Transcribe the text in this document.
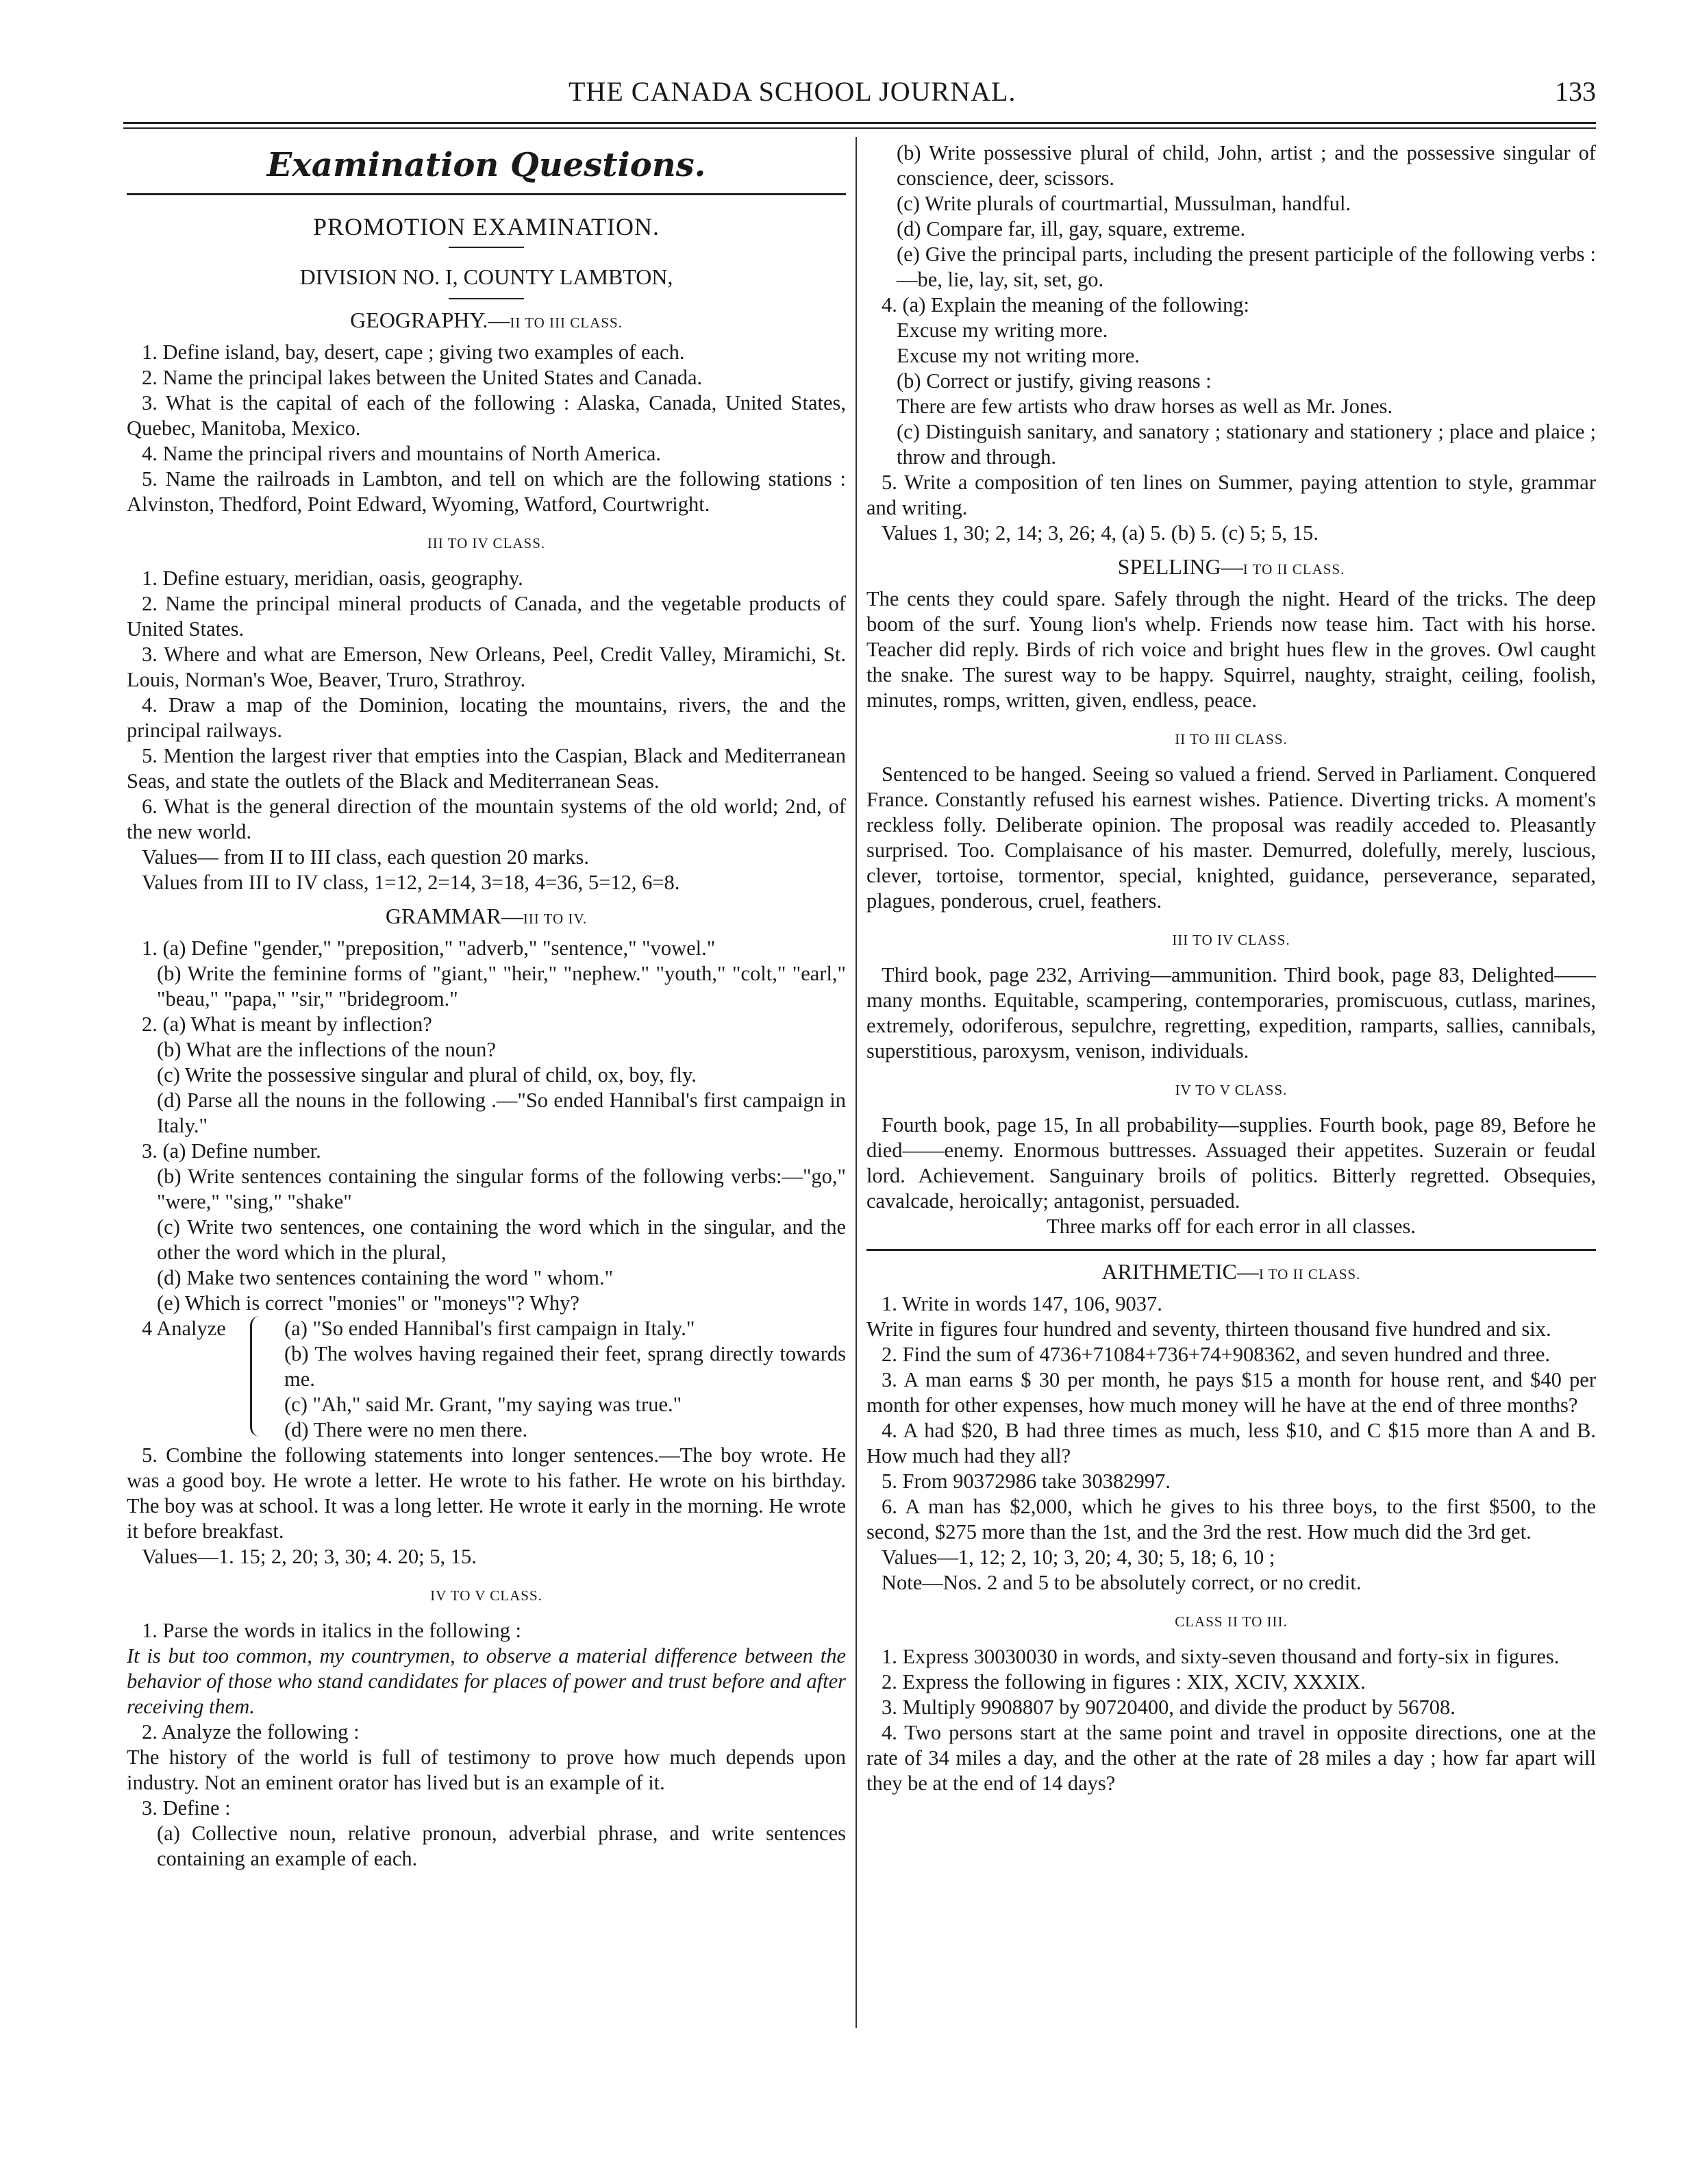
THE CANADA SCHOOL JOURNAL.	133
Examination Questions.
PROMOTION EXAMINATION.
DIVISION NO. I, COUNTY LAMBTON,
GEOGRAPHY.—II TO III CLASS.

1. Define island, bay, desert, cape ; giving two examples of each.

2. Name the principal lakes between the United States and Canada.

3. What is the capital of each of the following : Alaska, Canada, United States, Quebec, Manitoba, Mexico.

4. Name the principal rivers and mountains of North America.

5. Name the railroads in Lambton, and tell on which are the following stations : Alvinston, Thedford, Point Edward, Wyoming, Watford, Courtwright.

III TO IV CLASS.

1. Define estuary, meridian, oasis, geography.

2. Name the principal mineral products of Canada, and the vegetable products of United States.

3. Where and what are Emerson, New Orleans, Peel, Credit Valley, Miramichi, St. Louis, Norman's Woe, Beaver, Truro, Strathroy.

4. Draw a map of the Dominion, locating the mountains, rivers, the and the principal railways.

5. Mention the largest river that empties into the Caspian, Black and Mediterranean Seas, and state the outlets of the Black and Mediterranean Seas.

6. What is the general direction of the mountain systems of the old world; 2nd, of the new world.

Values— from II to III class, each question 20 marks.

Values from III to IV class, 1=12, 2=14, 3=18, 4=36, 5=12, 6=8.

GRAMMAR—III TO IV.

1. (a) Define "gender," "preposition," "adverb," "sentence," "vowel."

(b) Write the feminine forms of "giant," "heir," "nephew." "youth," "colt," "earl," "beau," "papa," "sir," "bridegroom."

2. (a) What is meant by inflection?

(b) What are the inflections of the noun?

(c) Write the possessive singular and plural of child, ox, boy, fly.

(d) Parse all the nouns in the following .—"So ended Hannibal's first campaign in Italy."

3. (a) Define number.

(b) Write sentences containing the singular forms of the following verbs:—"go," "were," "sing," "shake"

(c) Write two sentences, one containing the word which in the singular, and the other the word which in the plural,

(d) Make two sentences containing the word " whom."

(e) Which is correct "monies" or "moneys"? Why?

4 Analyze	(a) "So ended Hannibal's first campaign in Italy."

(b) The wolves having regained their feet, sprang directly towards me.

(c) "Ah," said Mr. Grant, "my saying was true."

(d) There were no men there.

5. Combine the following statements into longer sentences.—The boy wrote. He was a good boy. He wrote a letter. He wrote to his father. He wrote on his birthday. The boy was at school. It was a long letter. He wrote it early in the morning. He wrote it before breakfast.

Values—1. 15; 2, 20; 3, 30; 4. 20; 5, 15.

IV TO V CLASS.

1. Parse the words in italics in the following :

It is but too common, my countrymen, to observe a material difference between the behavior of those who stand candidates for places of power and trust before and after receiving them.

2. Analyze the following :

The history of the world is full of testimony to prove how much depends upon industry. Not an eminent orator has lived but is an example of it.

3. Define :

(a) Collective noun, relative pronoun, adverbial phrase, and write sentences containing an example of each.

(b) Write possessive plural of child, John, artist ; and the possessive singular of conscience, deer, scissors.

(c) Write plurals of courtmartial, Mussulman, handful.

(d) Compare far, ill, gay, square, extreme.

(e) Give the principal parts, including the present participle of the following verbs :—be, lie, lay, sit, set, go.

4. (a) Explain the meaning of the following:

Excuse my writing more.

Excuse my not writing more.

(b) Correct or justify, giving reasons :

There are few artists who draw horses as well as Mr. Jones.

(c) Distinguish sanitary, and sanatory ; stationary and stationery ; place and plaice ; throw and through.

5. Write a composition of ten lines on Summer, paying attention to style, grammar and writing.

Values 1, 30; 2, 14; 3, 26; 4, (a) 5. (b) 5. (c) 5; 5, 15.

SPELLING—I TO II CLASS.

The cents they could spare. Safely through the night. Heard of the tricks. The deep boom of the surf. Young lion's whelp. Friends now tease him. Tact with his horse. Teacher did reply. Birds of rich voice and bright hues flew in the groves. Owl caught the snake. The surest way to be happy. Squirrel, naughty, straight, ceiling, foolish, minutes, romps, written, given, endless, peace.

II TO III CLASS.

Sentenced to be hanged. Seeing so valued a friend. Served in Parliament. Conquered France. Constantly refused his earnest wishes. Patience. Diverting tricks. A moment's reckless folly. Deliberate opinion. The proposal was readily acceded to. Pleasantly surprised. Too. Complaisance of his master. Demurred, dolefully, merely, luscious, clever, tortoise, tormentor, special, knighted, guidance, perseverance, separated, plagues, ponderous, cruel, feathers.

III TO IV CLASS.

Third book, page 232, Arriving—ammunition. Third book, page 83, Delighted——many months. Equitable, scampering, contemporaries, promiscuous, cutlass, marines, extremely, odoriferous, sepulchre, regretting, expedition, ramparts, sallies, cannibals, superstitious, paroxysm, venison, individuals.

IV TO V CLASS.

Fourth book, page 15, In all probability—supplies. Fourth book, page 89, Before he died——enemy. Enormous buttresses. Assuaged their appetites. Suzerain or feudal lord. Achievement. Sanguinary broils of politics. Bitterly regretted. Obsequies, cavalcade, heroically; antagonist, persuaded.

Three marks off for each error in all classes.

ARITHMETIC—I TO II CLASS.

1. Write in words 147, 106, 9037.

Write in figures four hundred and seventy, thirteen thousand five hundred and six.

2. Find the sum of 4736+71084+736+74+908362, and seven hundred and three.

3. A man earns $ 30 per month, he pays $15 a month for house rent, and $40 per month for other expenses, how much money will he have at the end of three months?

4. A had $20, B had three times as much, less $10, and C $15 more than A and B. How much had they all?

5. From 90372986 take 30382997.

6. A man has $2,000, which he gives to his three boys, to the first $500, to the second, $275 more than the 1st, and the 3rd the rest. How much did the 3rd get.

Values—1, 12; 2, 10; 3, 20; 4, 30; 5, 18; 6, 10 ;

Note—Nos. 2 and 5 to be absolutely correct, or no credit.

CLASS II TO III.

1. Express 30030030 in words, and sixty-seven thousand and forty-six in figures.

2. Express the following in figures : XIX, XCIV, XXXIX.

3. Multiply 9908807 by 90720400, and divide the product by 56708.

4. Two persons start at the same point and travel in opposite directions, one at the rate of 34 miles a day, and the other at the rate of 28 miles a day ; how far apart will they be at the end of 14 days?
